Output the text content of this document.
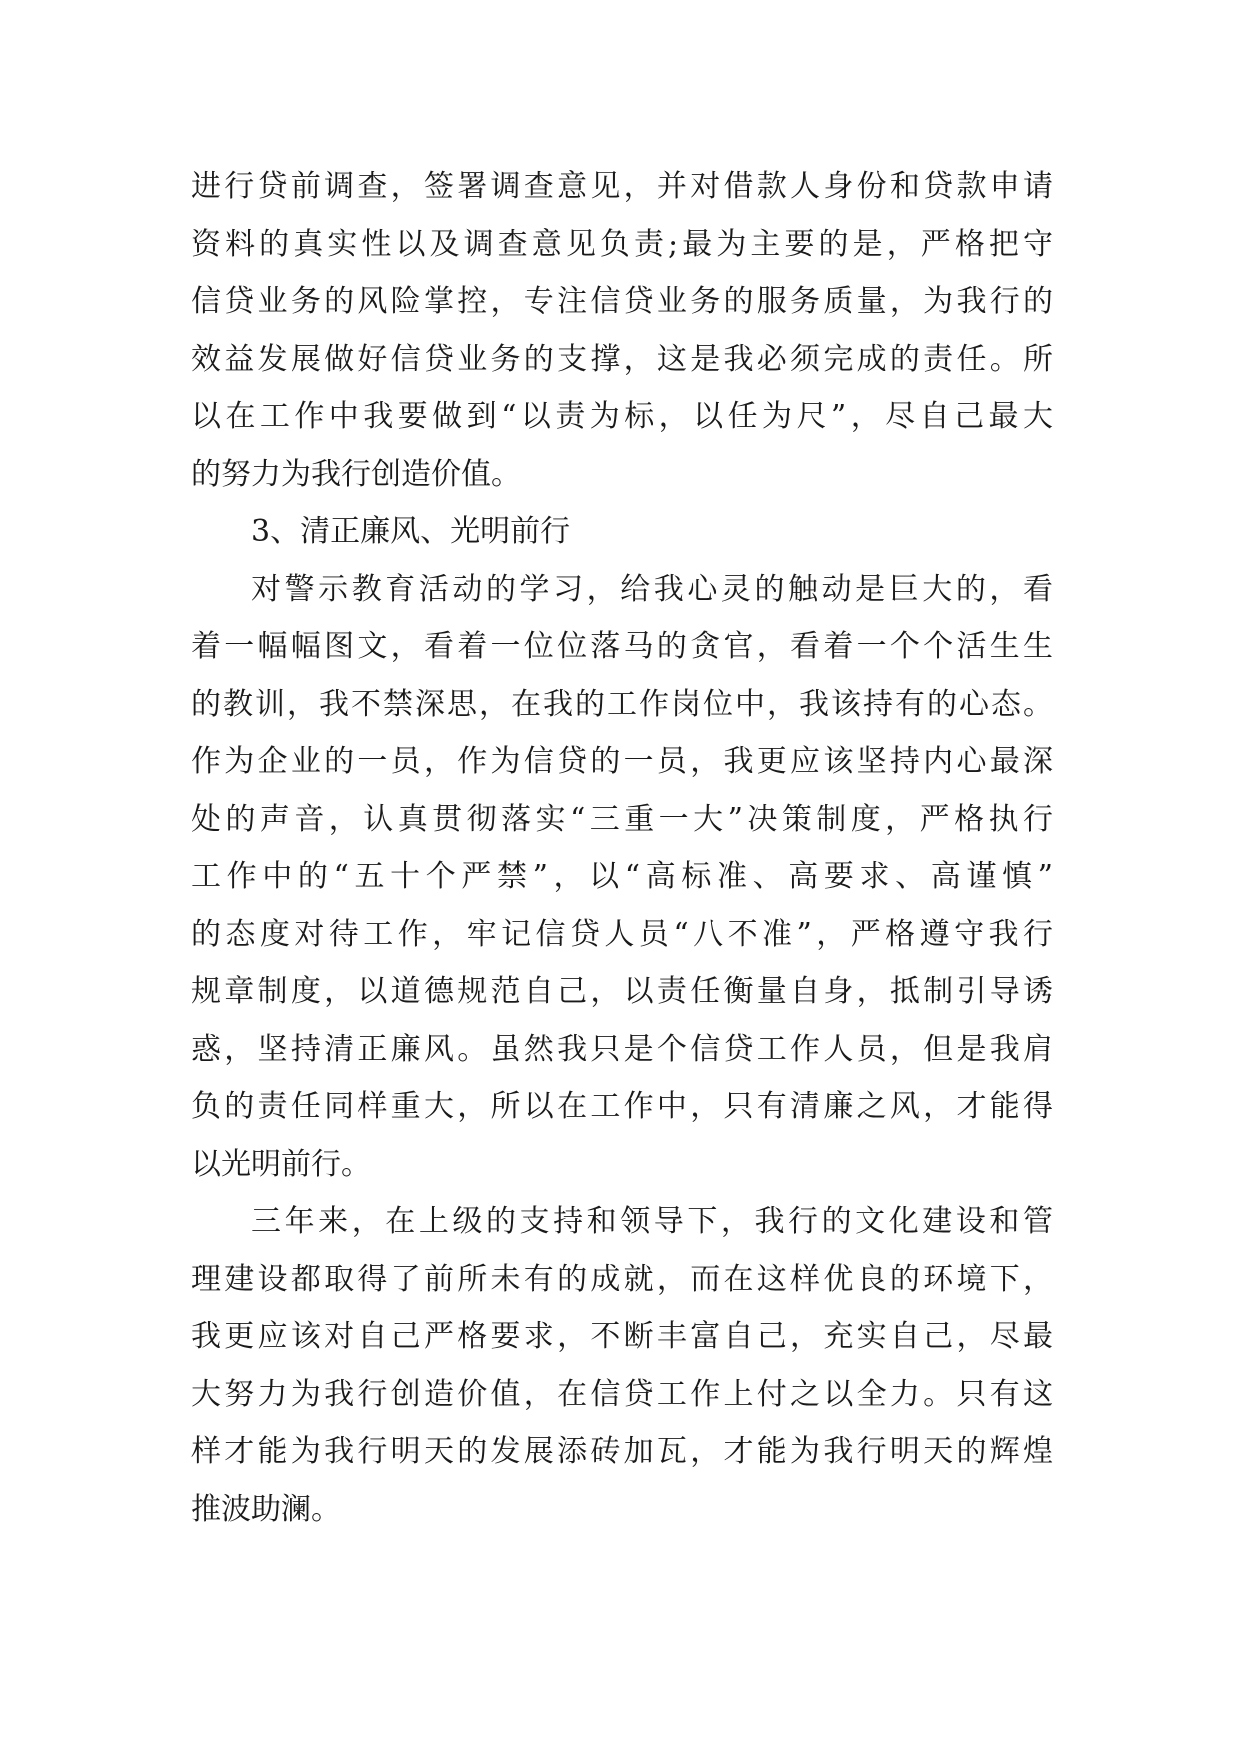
进行贷前调查，签署调查意见，并对借款人身份和贷款申请
资料的真实性以及调查意见负责;最为主要的是，严格把守
信贷业务的风险掌控，专注信贷业务的服务质量，为我行的
效益发展做好信贷业务的支撑，这是我必须完成的责任。所
以在工作中我要做到“以责为标，以任为尺”，尽自己最大
的努力为我行创造价值。
3、清正廉风、光明前行
对警示教育活动的学习，给我心灵的触动是巨大的，看
着一幅幅图文，看着一位位落马的贪官，看着一个个活生生
的教训，我不禁深思，在我的工作岗位中，我该持有的心态。
作为企业的一员，作为信贷的一员，我更应该坚持内心最深
处的声音，认真贯彻落实“三重一大”决策制度，严格执行
工作中的“五十个严禁”，以“高标准、高要求、高谨慎”
的态度对待工作，牢记信贷人员“八不准”，严格遵守我行
规章制度，以道德规范自己，以责任衡量自身，抵制引导诱
惑，坚持清正廉风。虽然我只是个信贷工作人员，但是我肩
负的责任同样重大，所以在工作中，只有清廉之风，才能得
以光明前行。
三年来，在上级的支持和领导下，我行的文化建设和管
理建设都取得了前所未有的成就，而在这样优良的环境下，
我更应该对自己严格要求，不断丰富自己，充实自己，尽最
大努力为我行创造价值，在信贷工作上付之以全力。只有这
样才能为我行明天的发展添砖加瓦，才能为我行明天的辉煌
推波助澜。
